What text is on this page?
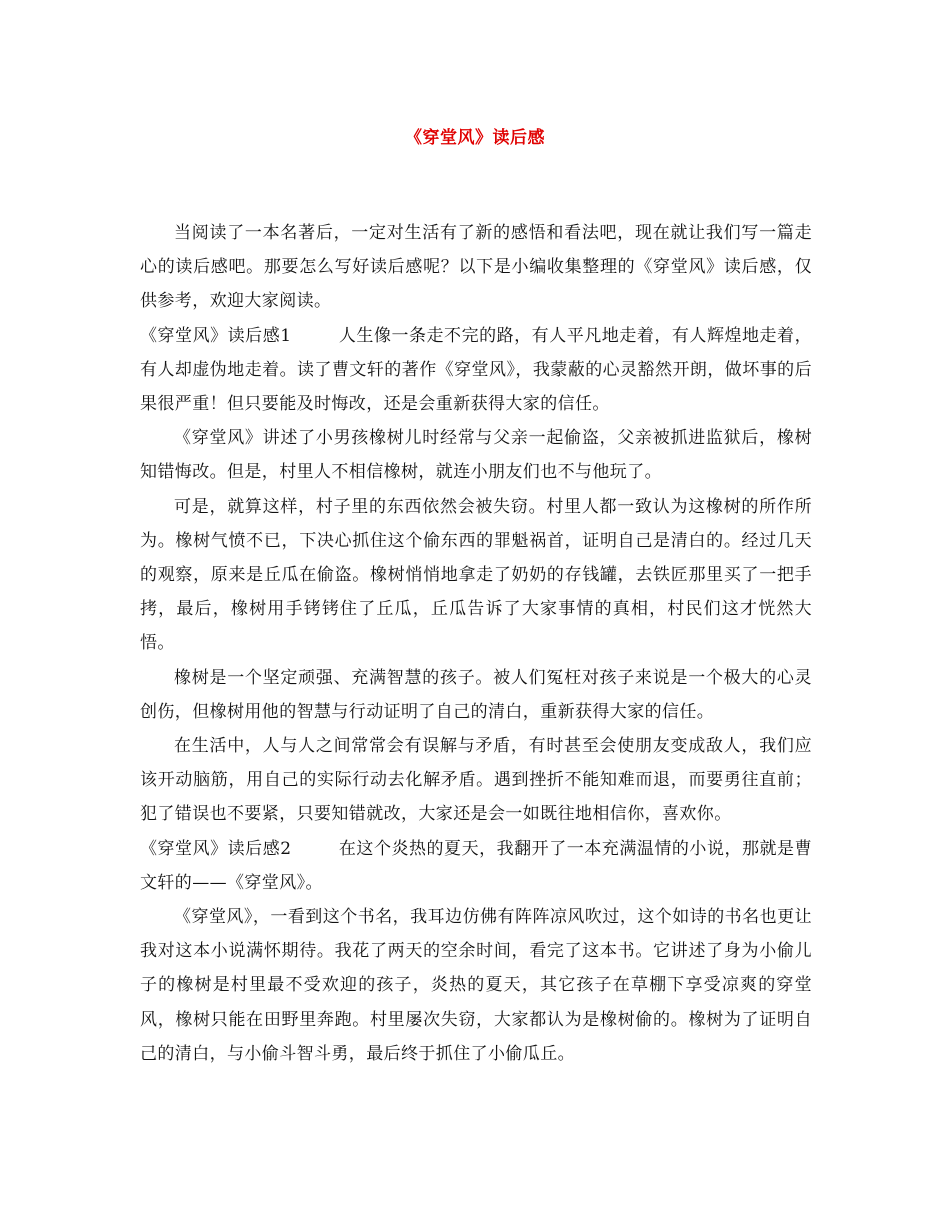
《穿堂风》读后感

当阅读了一本名著后，一定对生活有了新的感悟和看法吧，现在就让我们写一篇走心的读后感吧。那要怎么写好读后感呢？以下是小编收集整理的《穿堂风》读后感，仅供参考，欢迎大家阅读。

《穿堂风》读后感1	人生像一条走不完的路，有人平凡地走着，有人辉煌地走着，有人却虚伪地走着。读了曹文轩的著作《穿堂风》，我蒙蔽的心灵豁然开朗，做坏事的后果很严重！但只要能及时悔改，还是会重新获得大家的信任。

《穿堂风》讲述了小男孩橡树儿时经常与父亲一起偷盗，父亲被抓进监狱后，橡树知错悔改。但是，村里人不相信橡树，就连小朋友们也不与他玩了。

可是，就算这样，村子里的东西依然会被失窃。村里人都一致认为这橡树的所作所为。橡树气愤不已，下决心抓住这个偷东西的罪魁祸首，证明自己是清白的。经过几天的观察，原来是丘瓜在偷盗。橡树悄悄地拿走了奶奶的存钱罐，去铁匠那里买了一把手拷，最后，橡树用手铐铐住了丘瓜，丘瓜告诉了大家事情的真相，村民们这才恍然大悟。

橡树是一个坚定顽强、充满智慧的孩子。被人们冤枉对孩子来说是一个极大的心灵创伤，但橡树用他的智慧与行动证明了自己的清白，重新获得大家的信任。

在生活中，人与人之间常常会有误解与矛盾，有时甚至会使朋友变成敌人，我们应该开动脑筋，用自己的实际行动去化解矛盾。遇到挫折不能知难而退，而要勇往直前；犯了错误也不要紧，只要知错就改，大家还是会一如既往地相信你，喜欢你。

《穿堂风》读后感2	在这个炎热的夏天，我翻开了一本充满温情的小说，那就是曹文轩的——《穿堂风》。

《穿堂风》，一看到这个书名，我耳边仿佛有阵阵凉风吹过，这个如诗的书名也更让我对这本小说满怀期待。我花了两天的空余时间，看完了这本书。它讲述了身为小偷儿子的橡树是村里最不受欢迎的孩子，炎热的夏天，其它孩子在草棚下享受凉爽的穿堂风，橡树只能在田野里奔跑。村里屡次失窃，大家都认为是橡树偷的。橡树为了证明自己的清白，与小偷斗智斗勇，最后终于抓住了小偷瓜丘。
